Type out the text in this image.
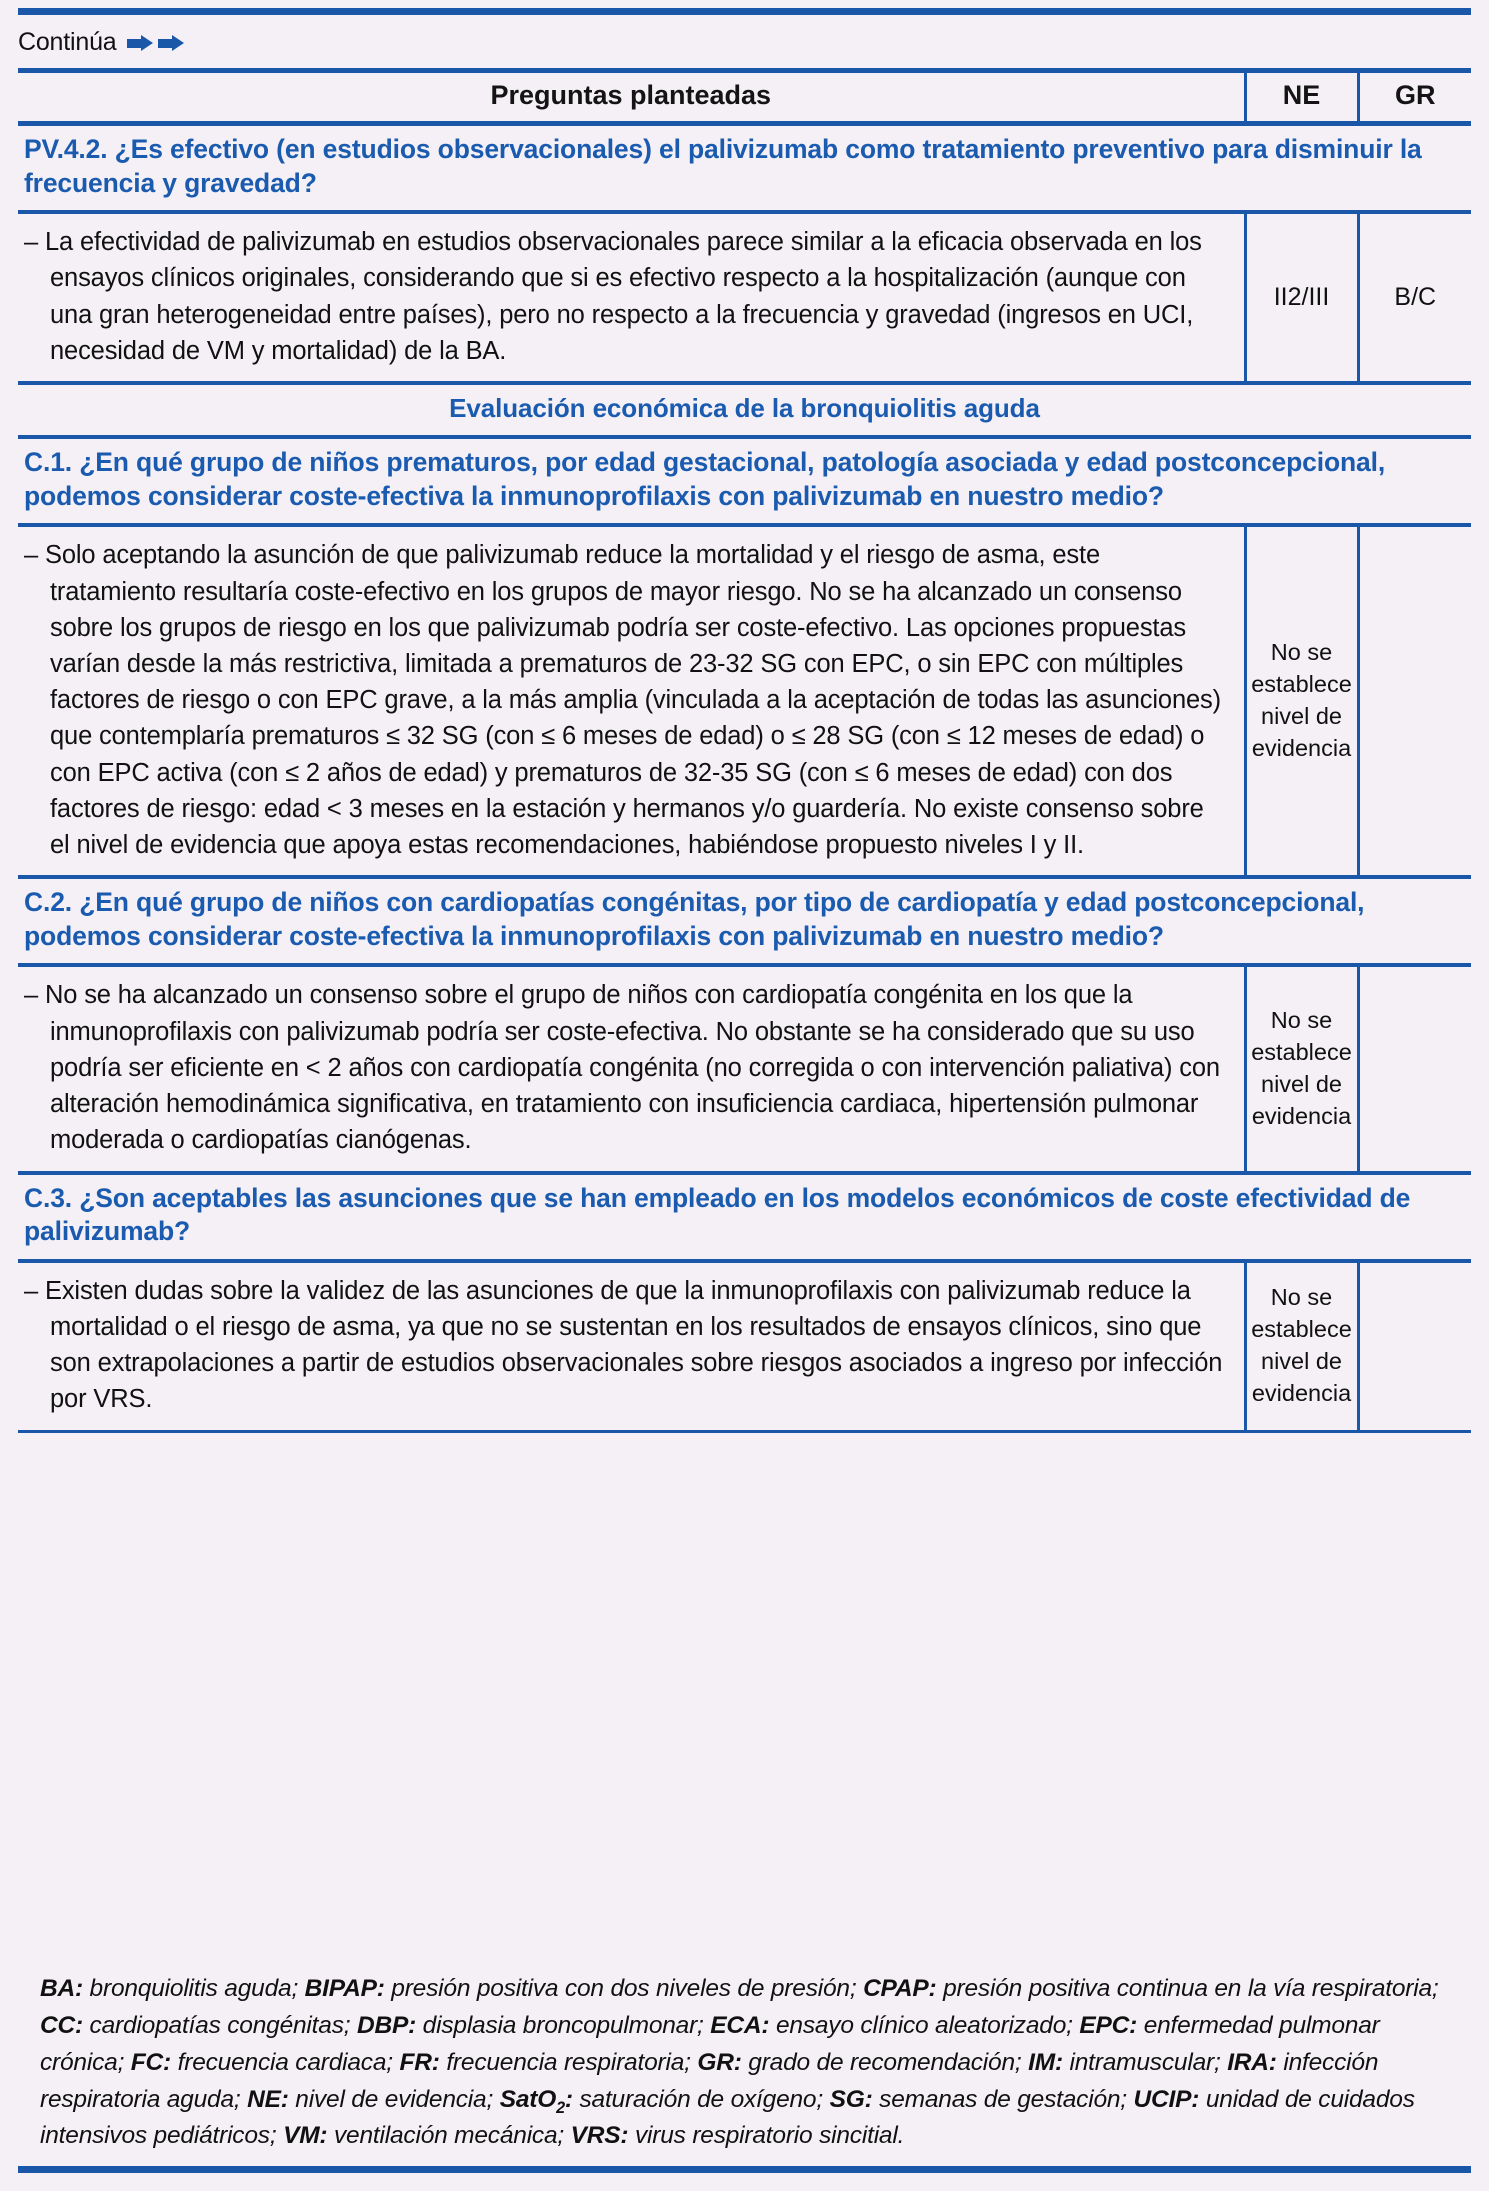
Continúa
Preguntas planteadas	NE	GR
PV.4.2. ¿Es efectivo (en estudios observacionales) el palivizumab como tratamiento preventivo para disminuir la frecuencia y gravedad?		

– La efectividad de palivizumab en estudios observacionales parece similar a la eficacia observada en los ensayos clínicos originales, considerando que si es efectivo respecto a la hospitalización (aunque con una gran heterogeneidad entre países), pero no respecto a la frecuencia y gravedad (ingresos en UCI, necesidad de VM y mortalidad) de la BA.	II2/III	B/C
Evaluación económica de la bronquiolitis aguda		
C.1. ¿En qué grupo de niños prematuros, por edad gestacional, patología asociada y edad postconcepcional, podemos considerar coste-efectiva la inmunoprofilaxis con palivizumab en nuestro medio?		

– Solo aceptando la asunción de que palivizumab reduce la mortalidad y el riesgo de asma, este tratamiento resultaría coste-efectivo en los grupos de mayor riesgo. No se ha alcanzado un consenso sobre los grupos de riesgo en los que palivizumab podría ser coste-efectivo. Las opciones propuestas varían desde la más restrictiva, limitada a prematuros de 23-32 SG con EPC, o sin EPC con múltiples factores de riesgo o con EPC grave, a la más amplia (vinculada a la aceptación de todas las asunciones) que contemplaría prematuros ≤ 32 SG (con ≤ 6 meses de edad) o ≤ 28 SG (con ≤ 12 meses de edad) o con EPC activa (con ≤ 2 años de edad) y prematuros de 32-35 SG (con ≤ 6 meses de edad) con dos factores de riesgo: edad < 3 meses en la estación y hermanos y/o guardería. No existe consenso sobre el nivel de evidencia que apoya estas recomendaciones, habiéndose propuesto niveles I y II.	No se establece nivel de evidencia	
C.2. ¿En qué grupo de niños con cardiopatías congénitas, por tipo de cardiopatía y edad postconcepcional, podemos considerar coste-efectiva la inmunoprofilaxis con palivizumab en nuestro medio?		

– No se ha alcanzado un consenso sobre el grupo de niños con cardiopatía congénita en los que la inmunoprofilaxis con palivizumab podría ser coste-efectiva. No obstante se ha considerado que su uso podría ser eficiente en < 2 años con cardiopatía congénita (no corregida o con intervención paliativa) con alteración hemodinámica significativa, en tratamiento con insuficiencia cardiaca, hipertensión pulmonar moderada o cardiopatías cianógenas.	No se establece nivel de evidencia	
C.3. ¿Son aceptables las asunciones que se han empleado en los modelos económicos de coste efectividad de palivizumab?		

– Existen dudas sobre la validez de las asunciones de que la inmunoprofilaxis con palivizumab reduce la mortalidad o el riesgo de asma, ya que no se sustentan en los resultados de ensayos clínicos, sino que son extrapolaciones a partir de estudios observacionales sobre riesgos asociados a ingreso por infección por VRS.	No se establece nivel de evidencia	
BA: bronquiolitis aguda; BIPAP: presión positiva con dos niveles de presión; CPAP: presión positiva continua en la vía respiratoria; CC: cardiopatías congénitas; DBP: displasia broncopulmonar; ECA: ensayo clínico aleatorizado; EPC: enfermedad pulmonar crónica; FC: frecuencia cardiaca; FR: frecuencia respiratoria; GR: grado de recomendación; IM: intramuscular; IRA: infección respiratoria aguda; NE: nivel de evidencia; SatO$_2$: saturación de oxígeno; SG: semanas de gestación; UCIP: unidad de cuidados intensivos pediátricos; VM: ventilación mecánica; VRS: virus respiratorio sincitial.
